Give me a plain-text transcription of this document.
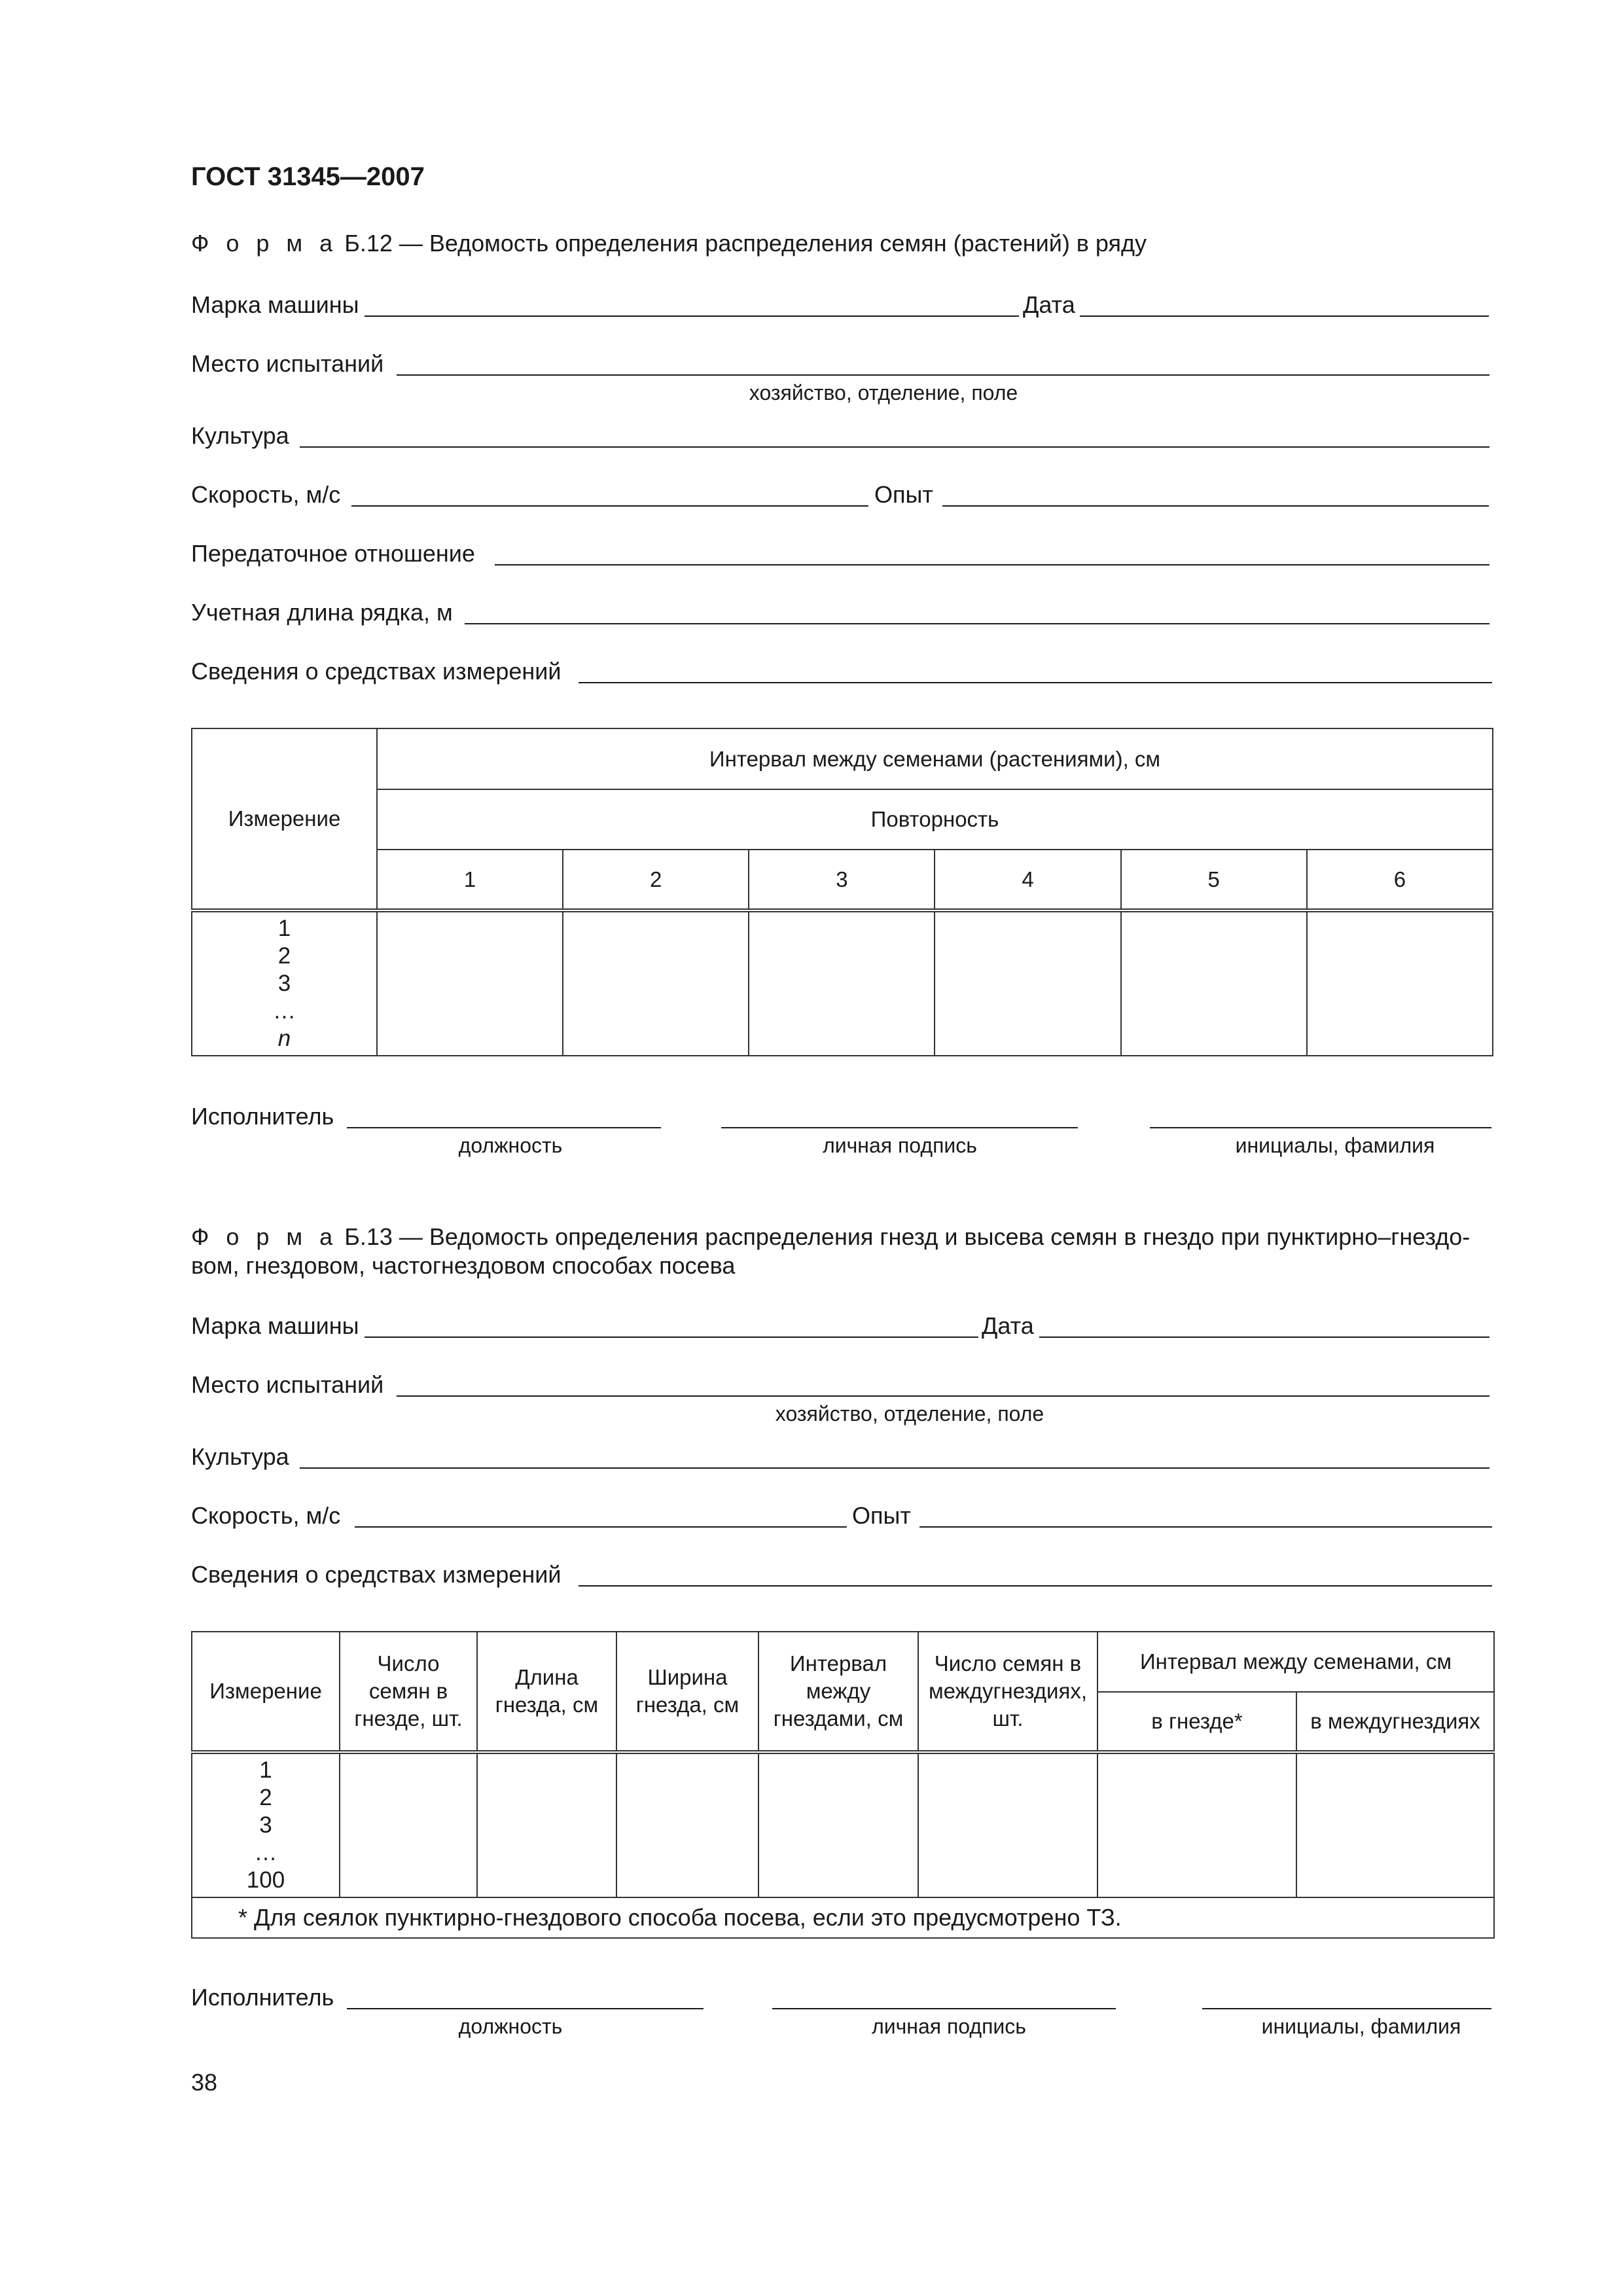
ГОСТ 31345—2007
Ф о р м а Б.12 — Ведомость определения распределения семян (растений) в ряду
Марка машины	Дата
Место испытаний
хозяйство, отделение, поле
Культура
Скорость, м/с	Опыт
Передаточное отношение
Учетная длина рядка, м
Сведения о средствах измерений
Измерение	Интервал между семенами (растениями), см					
	Повторность					
	1	2	3	4	5	6

1
2
3
…
n						

Исполнитель
должность	личная подпись	инициалы, фамилия
Ф о р м а Б.13 — Ведомость определения распределения гнезд и высева семян в гнездо при пунктирно–гнездо-
вом, гнездовом, частогнездовом способах посева
Марка машины	Дата
Место испытаний
хозяйство, отделение, поле
Культура
Скорость, м/с	Опыт
Сведения о средствах измерений
Измерение	Число семян в гнезде, шт.	Длина гнезда, см	Ширина гнезда, см	Интервал между гнездами, см	Число семян в междугнездиях, шт.	Интервал между семенами, см	
						в гнезде*	в междугнездиях

1
2
3
…
100							

* Для сеялок пунктирно-гнездового способа посева, если это предусмотрено ТЗ.							
Исполнитель
должность	личная подпись	инициалы, фамилия
38
